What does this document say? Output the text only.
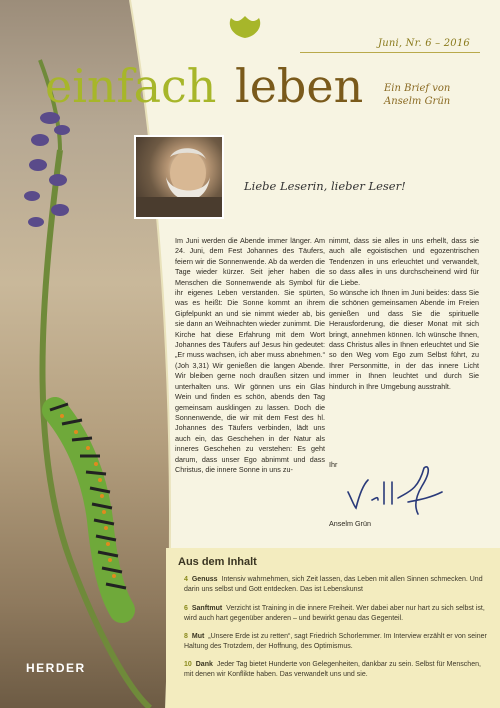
Juni, Nr. 6 – 2016
einfach leben Ein Brief von
Anselm Grün
Liebe Leserin, lieber Leser!

Im Juni werden die Abende immer länger. Am 24. Juni, dem Fest Johannes des Täufers, feiern wir die Sonnenwende. Ab da werden die Tage wieder kürzer. Seit jeher haben die Menschen die Sonnenwende als Symbol für ihr eigenes Leben verstanden. Sie spürten, was es heißt: Die Sonne kommt an ihrem Gipfelpunkt an und sie nimmt wieder ab, bis sie dann an Weihnachten wieder zunimmt. Die Kirche hat diese Erfahrung mit dem Wort Johannes des Täufers auf Jesus hin gedeutet: „Er muss wachsen, ich aber muss abnehmen.“ (Joh 3,31) Wir genießen die langen Abende. Wir bleiben gerne noch draußen sitzen und unterhalten uns. Wir gönnen uns ein Glas Wein und finden es schön, abends den Tag gemeinsam ausklingen zu lassen. Doch die Sonnenwende, die wir mit dem Fest des hl. Johannes des Täufers verbinden, lädt uns auch ein, das Geschehen in der Natur als inneres Geschehen zu verstehen: Es geht darum, dass unser Ego abnimmt und dass Christus, die innere Sonne in uns zu-

nimmt, dass sie alles in uns erhellt, dass sie auch alle egoistischen und egozentrischen Tendenzen in uns erleuchtet und verwandelt, so dass alles in uns durchscheinend wird für die Liebe.

So wünsche ich Ihnen im Juni beides: dass Sie die schönen gemeinsamen Abende im Freien genießen und dass Sie die spirituelle Herausforderung, die dieser Monat mit sich bringt, annehmen können. Ich wünsche Ihnen, dass Christus alles in Ihnen erleuchtet und Sie so den Weg vom Ego zum Selbst führt, zu Ihrer Personmitte, in der das innere Licht immer in Ihnen leuchtet und durch Sie hindurch in Ihre Umgebung ausstrahlt.

Ihr
Anselm Grün
Aus dem Inhalt
4 Genuss Intensiv wahrnehmen, sich Zeit lassen, das Leben mit allen Sinnen schmecken. Und darin uns selbst und Gott entdecken. Das ist Lebenskunst
6 Sanftmut Verzicht ist Training in die innere Freiheit. Wer dabei aber nur hart zu sich selbst ist, wird auch hart gegenüber anderen – und bewirkt genau das Gegenteil.
8 Mut „Unsere Erde ist zu retten“, sagt Friedrich Schorlemmer. Im Interview erzählt er von seiner Haltung des Trotzdem, der Hoffnung, des Optimismus.
10 Dank Jeder Tag bietet Hunderte von Gelegenheiten, dankbar zu sein. Selbst für Menschen, mit denen wir Konflikte haben. Das verwandelt uns und sie.
HERDER
